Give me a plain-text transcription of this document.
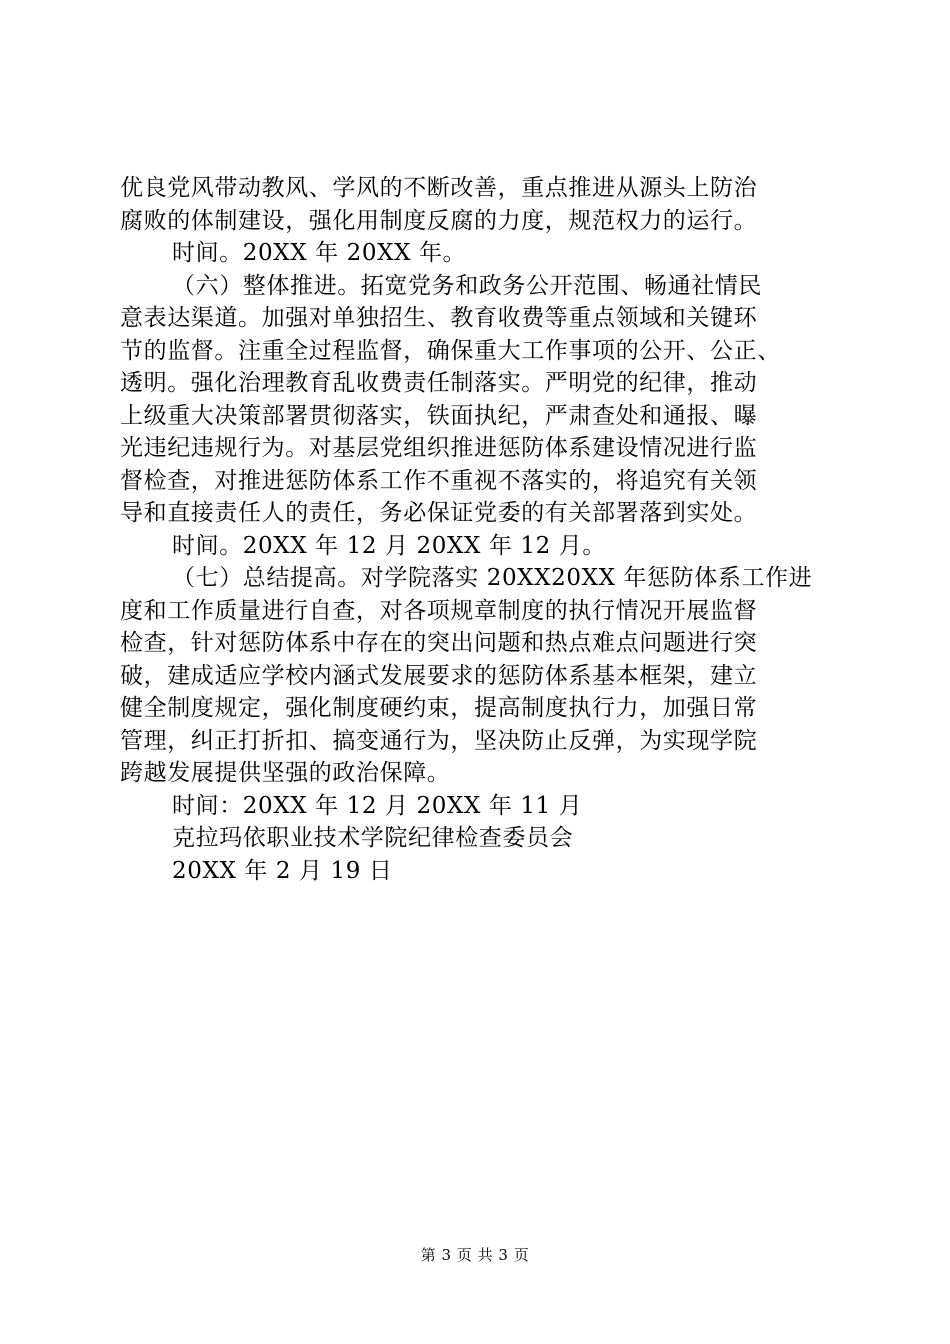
优良党风带动教风、学风的不断改善，重点推进从源头上防治
腐败的体制建设，强化用制度反腐的力度，规范权力的运行。
时间。20XX 年 20XX 年。
（六）整体推进。拓宽党务和政务公开范围、畅通社情民
意表达渠道。加强对单独招生、教育收费等重点领域和关键环
节的监督。注重全过程监督，确保重大工作事项的公开、公正、
透明。强化治理教育乱收费责任制落实。严明党的纪律，推动
上级重大决策部署贯彻落实，铁面执纪，严肃查处和通报、曝
光违纪违规行为。对基层党组织推进惩防体系建设情况进行监
督检查，对推进惩防体系工作不重视不落实的，将追究有关领
导和直接责任人的责任，务必保证党委的有关部署落到实处。
时间。20XX 年 12 月 20XX 年 12 月。
（七）总结提高。对学院落实 20XX20XX 年惩防体系工作进
度和工作质量进行自查，对各项规章制度的执行情况开展监督
检查，针对惩防体系中存在的突出问题和热点难点问题进行突
破，建成适应学校内涵式发展要求的惩防体系基本框架，建立
健全制度规定，强化制度硬约束，提高制度执行力，加强日常
管理，纠正打折扣、搞变通行为，坚决防止反弹，为实现学院
跨越发展提供坚强的政治保障。
时间：20XX 年 12 月 20XX 年 11 月
克拉玛依职业技术学院纪律检查委员会
20XX 年 2 月 19 日
第 3 页 共 3 页
